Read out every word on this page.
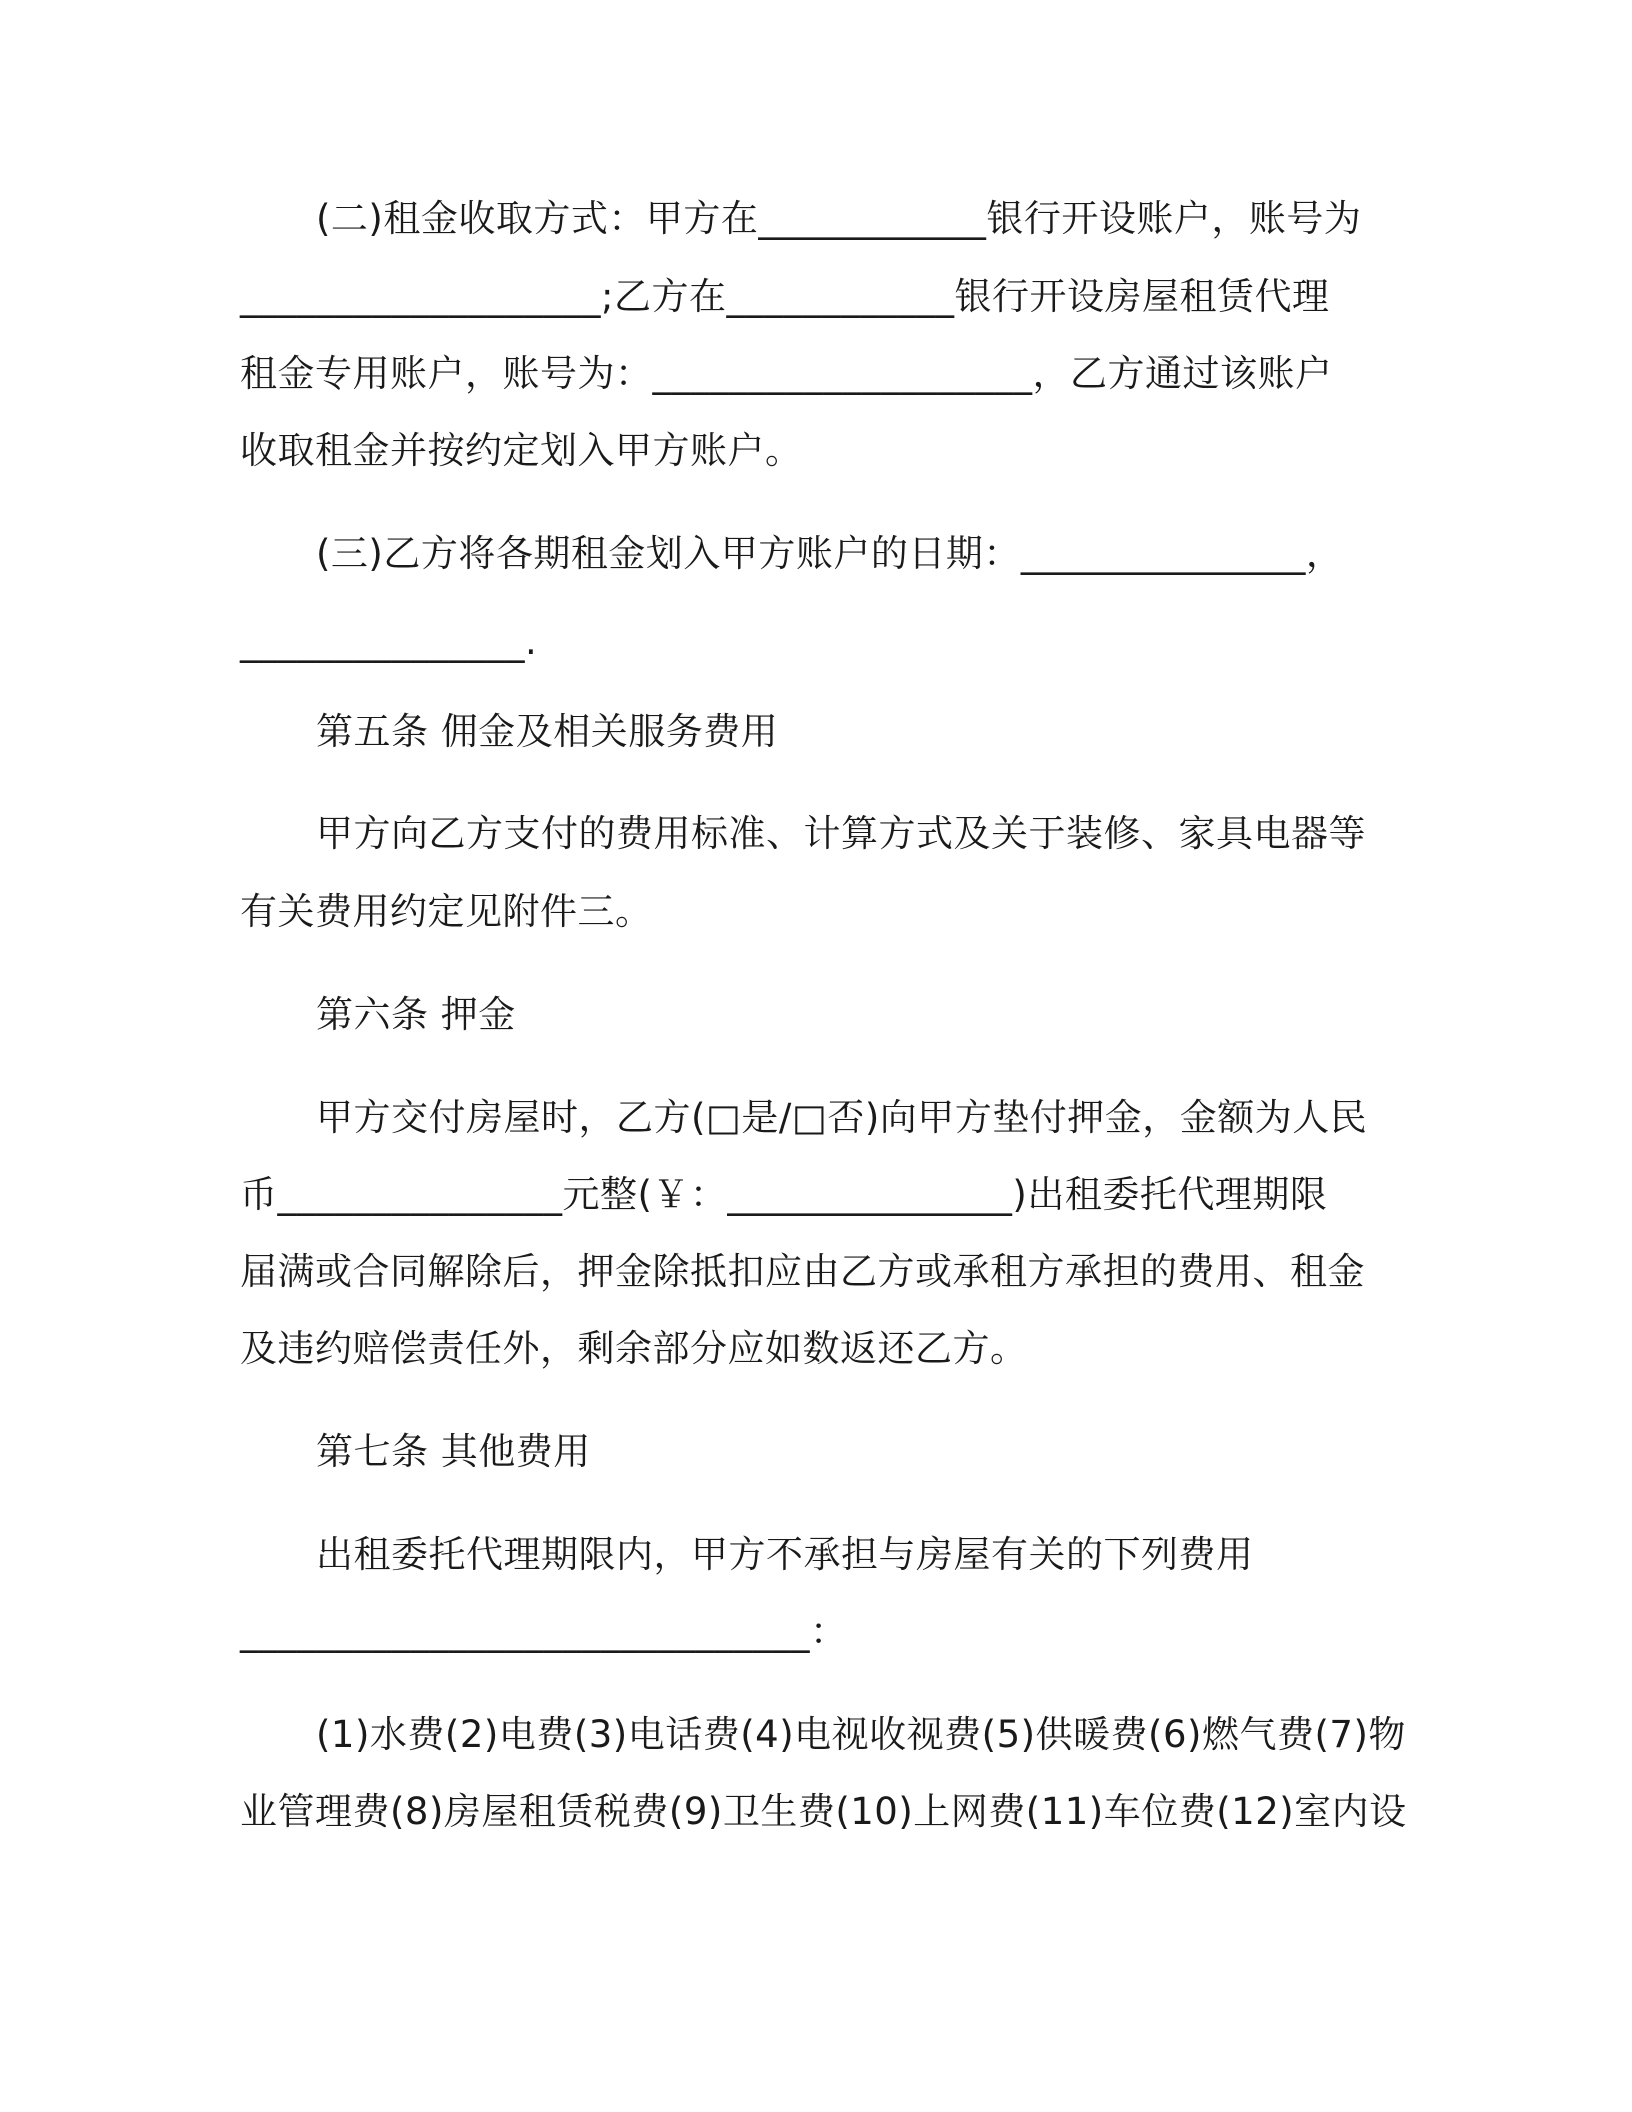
(二)租金收取方式：甲方在____________银行开设账户，账号为
___________________;乙方在____________银行开设房屋租赁代理
租金专用账户，账号为：____________________，乙方通过该账户
收取租金并按约定划入甲方账户。
(三)乙方将各期租金划入甲方账户的日期：_______________，
_______________.
第五条 佣金及相关服务费用
甲方向乙方支付的费用标准、计算方式及关于装修、家具电器等
有关费用约定见附件三。
第六条 押金
甲方交付房屋时，乙方(□是/□否)向甲方垫付押金，金额为人民
币_______________元整(￥：_______________)出租委托代理期限
届满或合同解除后，押金除抵扣应由乙方或承租方承担的费用、租金
及违约赔偿责任外，剩余部分应如数返还乙方。
第七条 其他费用
出租委托代理期限内，甲方不承担与房屋有关的下列费用
______________________________：
(1)水费(2)电费(3)电话费(4)电视收视费(5)供暖费(6)燃气费(7)物
业管理费(8)房屋租赁税费(9)卫生费(10)上网费(11)车位费(12)室内设
